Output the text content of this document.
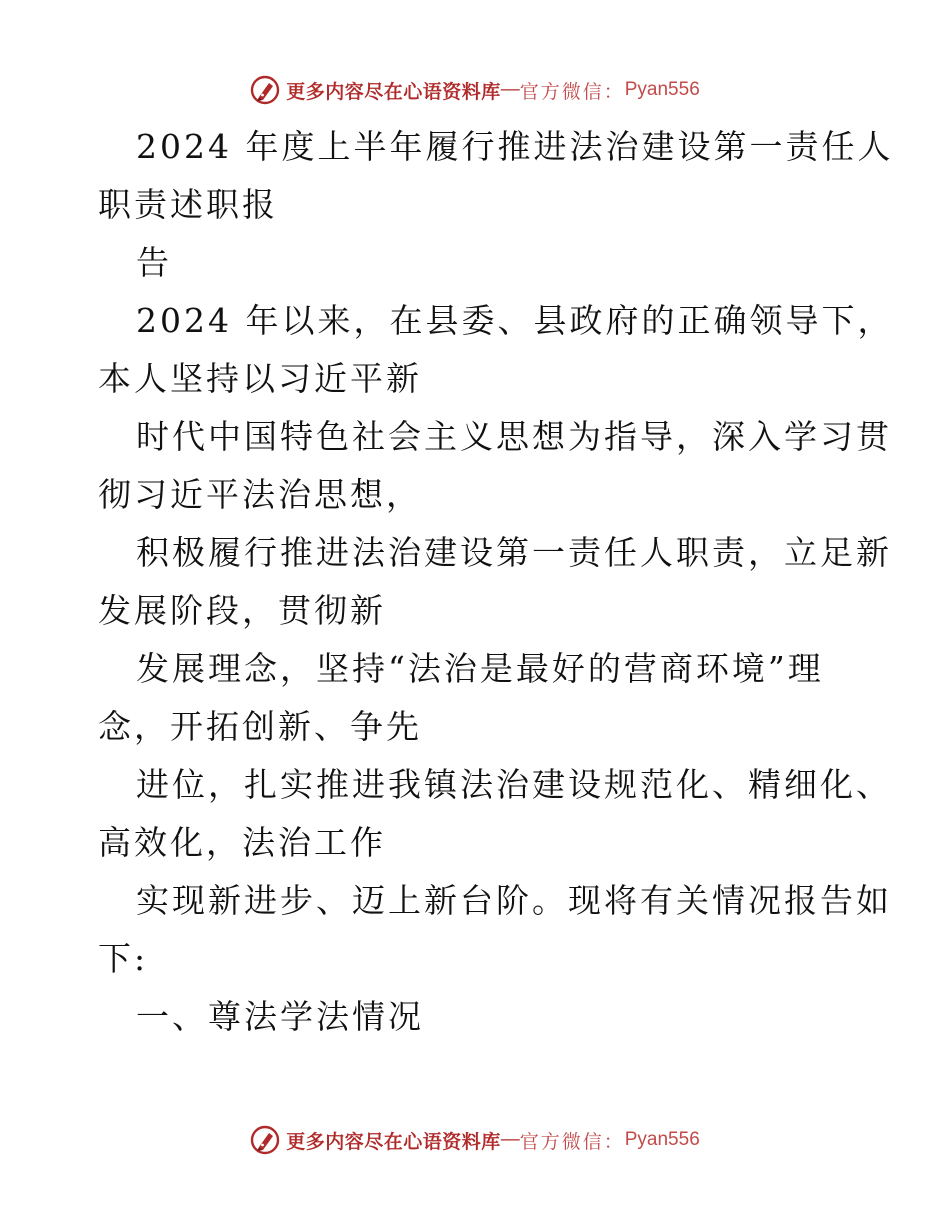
更多内容尽在心语资料库 — 官方微信： Pyan556
2024 年度上半年履行推进法治建设第一责任人
职责述职报
告
2024 年以来，在县委、县政府的正确领导下，
本人坚持以习近平新
时代中国特色社会主义思想为指导，深入学习贯
彻习近平法治思想，
积极履行推进法治建设第一责任人职责，立足新
发展阶段，贯彻新
发展理念，坚持“法治是最好的营商环境”理
念，开拓创新、争先
进位，扎实推进我镇法治建设规范化、精细化、
高效化，法治工作
实现新进步、迈上新台阶。现将有关情况报告如
下:
一、尊法学法情况
更多内容尽在心语资料库 — 官方微信： Pyan556
